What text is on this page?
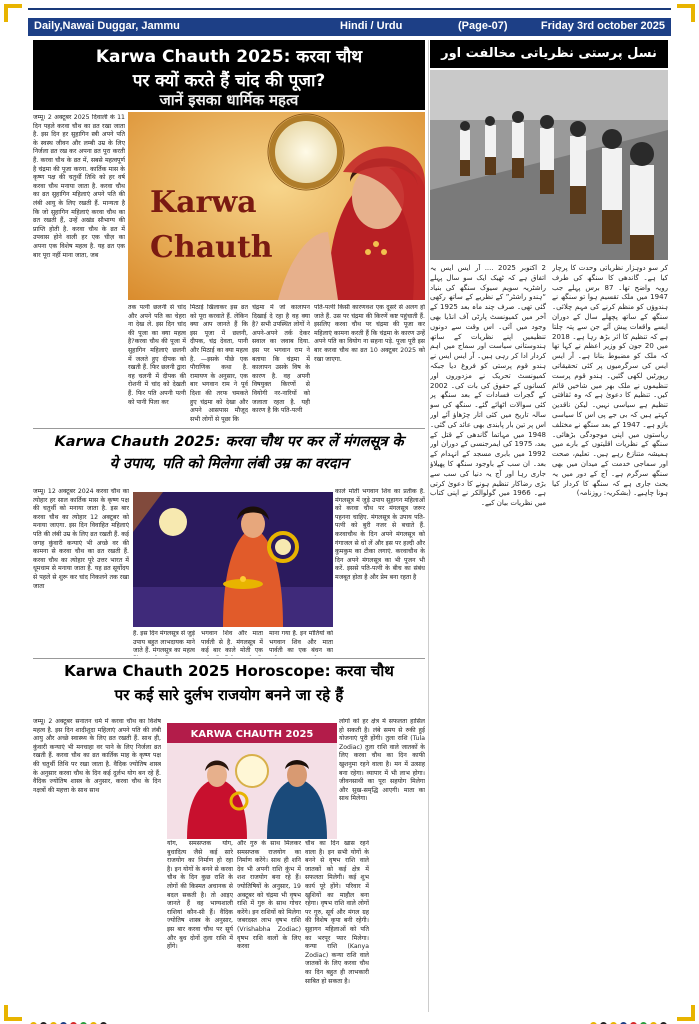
Daily,Nawai Duggar, Jammu	Hindi / Urdu	(Page-07)	Friday 3rd october 2025
Karwa Chauth 2025: करवा चौथ
पर क्यों करते हैं चांद की पूजा?
जानें इसका धार्मिक महत्व
जम्मू। 2 अक्टूबर 2025 दिवाली के 11 दिन पहले करवा चौथ का व्रत रखा जाता है. इस दिन हर सुहागिन स्त्री अपने पति के स्वस्थ जीवन और लम्बी उम्र के लिए निर्जला व्रत रख कर अपना व्रत पूरा करती हैं. करवा चौथ के व्रत में, सबसे महत्वपूर्ण है चंद्रमा की पूजा करना. कार्तिक मास के कृष्ण पक्ष की चतुर्थी तिथि को हर वर्ष करवा चौथ मनाया जाता है. करवा चौथ का व्रत सुहागिन महिलाएं अपने पति की लंबी आयु के लिए रखती हैं. मान्यता है कि जो सुहागिन महिलाएं करवा चौथ का व्रत रखती हैं, उन्हें अखंड सौभाग्य की प्राप्ति होती है. करवा चौथ के व्रत में उपवास होने वाली हर एक चीज़ का अपना एक विशेष महत्व है. यह व्रत एक बार पूरा नहीं माना जाता, जब
Karwa
Chauth
तक पत्नी छलनी से चांद और अपने पति का चेहरा ना देख ले. इस दिन चांद की पूजा का क्या महत्व है?करवा चौथ की पूजा में सुहागिन महिलाएं छलनी में जलते हुए दीपक को रखती हैं. फिर छलनी द्वारा वह चलनी में दीपक की रोशनी में चांद को देखती हैं. फिर पति अपनी पत्नी को पानी पिला कर
मिठाई खिलाकर इस व्रत को पूरा करवाते हैं. लेकिन क्या आप जानते हैं कि इस पूजा में छलनी, दीपक, चंद्र देवता, पानी और मिठाई का क्या महत्व है. —इसके पीछे एक पौराणिक कथा है. रामायण के अनुसार, एक बार भगवान राम ने पूर्व दिशा की तरफ चमकते हुए चंद्रमा को देखा और अपने आसपास मौजूद सभी लोगों से पूछा कि
चंद्रमा में जो कालापन दिखाई दे रहा है वह क्या है? सभी उपस्थित लोगों ने अपने-अपने तर्क देकर सवाल का जवाब दिया. इस पर भगवान राम ने बताया कि चंद्रमा में कालापन उसके विष के कारण है. वह अपनी विषयुक्त किरणों से वियोगी नर-नारियों को जलाता रहता है. यही कारण है कि पति-पत्नी
पति-पत्नी किसी कारणवश एक दूसरे से अलग हो जाते हैं. उस पर चंद्रमा की किरणें कष्ट पहुंचाती हैं. इसलिए करवा चौथ पर चंद्रमा की पूजा कर महिलाएं कामना करती हैं कि चंद्रमा के कारण उन्हें अपने पति का वियोग ना सहना पड़े. पूजा पूरी इस बार करवा चौथ का व्रत 10 अक्टूबर 2025 को रखा जाएगा.
Karwa Chauth 2025: करवा चौथ पर कर लें मंगलसूत्र के
ये उपाय, पति को मिलेगा लंबी उम्र का वरदान
जम्मू। 12 अक्टूबर 2024 करवा चौथ का त्योहार हर साल कार्तिक मास के कृष्ण पक्ष की चतुर्थी को मनाया जाता है. इस बार करवा चौथ का त्योहार 12 अक्टूबर को मनाया जाएगा. इस दिन विवाहित महिलाएं पति की लंबी उम्र के लिए व्रत रखती हैं. कई जगह कुंवारी कन्याएं भी अच्छे वर की कामना से करवा चौथ का व्रत रखती हैं. करवा चौथ का त्योहार पूरे उत्तर भारत में धूमधाम से मनाया जाता है. यह व्रत सूर्योदय से पहले से शुरू कर चांद निकलने तक रखा जाता
काले मोती भगवान शिव का प्रतीक हैं. मंगलसूत्र में जुड़े उपाय सुहागन महिलाओं को करवा चौथ पर मंगलसूत्र जरूर पहनना चाहिए. मंगलसूत्र के उपाय पति-पत्नी को बुरी नजर से बचाते हैं. करवाचौथ के दिन अपने मंगलसूत्र को गंगाजल से धो लें और इस पर हल्दी और कुमकुम का टीका लगाएं. करवाचौथ के दिन अपने मंगलसूत्र का भी पूजन भी करें. इससे पति-पत्नी के बीच का संबंध मजबूत होता है और प्रेम बना रहता है
है. इस दिन मंगलसूत्र से जुड़े उपाय बहुत लाभदायक माने जाते हैं. मंगलसूत्र का महत्व
भगवान शिव और माता पार्वती से है. मंगलसूत्र में कई बार काले मोती एक
माना गया है. इन मोतियों को भगवान शिव और माता पार्वती का एक बंधन का
Karwa Chauth 2025 Horoscope: करवा चौथ
पर कई सारे दुर्लभ राजयोग बनने जा रहे हैं
जम्मू। 2 अक्टूबर सनातन धर्म में करवा चौथ का विशेष महत्व है. इस दिन शादीशुदा महिलाएं अपने पति की लंबी आयु और अच्छे स्वास्थ्य के लिए व्रत रखती हैं. साथ ही, कुंवारी कन्याएं भी मनचाहा वर पाने के लिए निर्जला व्रत रखती हैं. करवा चौथ का व्रत कार्तिक माह के कृष्ण पक्ष की चतुर्थी तिथि पर रखा जाता है. वैदिक ज्योतिष शास्त्र के अनुसार करवा चौथ के दिन कई दुर्लभ योग बन रहे हैं. वैदिक ज्योतिष शास्त्र के अनुसार, करवा चौथ के दिन नक्षत्रों की महत्ता के साथ साथ
KARWA CHAUTH 2025
योग, समसप्तक योग, बुधादित्य जैसे कई सारे राजयोग का निर्माण हो रहा है। इन योगों के बनने से करवा चौथ के दिन कुछ राशि के लोगों की किस्मत अचानक से बदल सकती है। तो आइए जानते हैं वह भाग्यशाली राशियां कौन-सी हैं। वैदिक ज्योतिष शास्त्र के अनुसार, इस बार करवा चौथ पर सूर्य और बुध दोनों तुला राशि में होंगे।
और गुरु के साथ मिलकर समसप्तक राजयोग का निर्माण करेंगे। साथ ही शनि देव भी अपनी राशि कुंभ में शश राजयोग बना रहे हैं। ज्योतिषियों के अनुसार, 19 अक्टूबर को चंद्रमा भी वृषभ राशि में गुरु के साथ गोचर करेंगे। इन राशियों को मिलेगा जबरदस्त लाभ वृषभ राशि (Vrishabha Zodiac) वृषभ राशि वालों के लिए करवा
चौथ का दिन खास रहने वाला है। इन सभी योगों के बनने से वृषभ राशि वाले जातकों को कई क्षेत्र में सफलता मिलेगी। कई शुभ कार्य पूरे होंगे। परिवार में खुशियों का माहौल बना रहेगा। वृषभ राशि वाले लोगों पर गुरु, सूर्य और मंगल ग्रह की विशेष कृपा बनी रहेगी। सुहागन महिलाओं को पति का भरपूर प्यार मिलेगा। कन्या राशि (Kanya Zodiac) कन्या राशि वाले जातकों के लिए करवा चौथ का दिन बहुत ही लाभकारी साबित हो सकता है।
लोगों को हर क्षेत्र में सफलता हासिल हो सकती है। लंबे समय से रुकी हुई योजनाएं पूरी होंगी। तुला राशि (Tula Zodiac) तुला राशि वाले जातकों के लिए करवा चौथ का दिन काफी खुशनुमा रहने वाला है। मन में उत्साह बना रहेगा। व्यापार में भी लाभ होगा। जीवनसाथी का पूरा सहयोग मिलेगा और सुख-समृद्धि आएगी। माता का साथ मिलेगा।
نسل پرستی نظریاتی مخالفت اور
2 اکتوبر 2025 .... آر ایس ایس یہ اتفاق ہے کہ ٹھیک ایک سو سال پہلے راشٹریہ سویم سیوک سنگھ کی بنیاد “ہندو راشٹر” کے نظریے کے ساتھ رکھی گئی تھی۔ صرف چند ماہ بعد 1925 کے آخر میں کمیونسٹ پارٹی آف انڈیا بھی وجود میں آئی۔ اس وقت سے دونوں تنظیمیں اپنے نظریات کے ساتھ ہندوستانی سیاست اور سماج میں اہم کردار ادا کر رہی ہیں۔ آر ایس ایس نے ہندو قوم پرستی کو فروغ دیا جبکہ کمیونسٹ تحریک نے مزدوروں اور کسانوں کے حقوق کی بات کی۔ 2002 کے گجرات فسادات کے بعد سنگھ پر کئی سوالات اٹھائے گئے۔ سنگھ کی سو سالہ تاریخ میں کئی اتار چڑھاؤ آئے اور اس پر تین بار پابندی بھی عائد کی گئی۔ 1948 میں مہاتما گاندھی کے قتل کے بعد، 1975 کی ایمرجنسی کے دوران اور 1992 میں بابری مسجد کے انہدام کے بعد۔ ان سب کے باوجود سنگھ کا پھیلاؤ جاری رہا اور آج یہ دنیا کی سب سے بڑی رضاکار تنظیم ہونے کا دعویٰ کرتی ہے۔ 1966 میں گولوالکر نے اپنی کتاب میں نظریات بیان کیے۔
کر سو دوہزار نظریاتی وحدت کا پرچار کیا ہے۔ گاندھی کا سنگھ کی طرف رویہ واضح تھا۔ 87 برس پہلے جب 1947 میں ملک تقسیم ہوا تو سنگھ نے ہندوؤں کو منظم کرنے کی مہم چلائی۔ سنگھ کے ساتھ پچھلے سال کے دوران ایسے واقعات پیش آئے جن سے پتہ چلتا ہے کہ تنظیم کا اثر بڑھ رہا ہے۔ 2018 میں 20 جون کو وزیر اعظم نے کہا تھا کہ ملک کو مضبوط بنانا ہے۔ آر ایس ایس کی سرگرمیوں پر کئی تحقیقاتی رپورٹیں لکھی گئیں۔ ہندو قوم پرست تنظیموں نے ملک بھر میں شاخیں قائم کیں۔ تنظیم کا دعویٰ ہے کہ وہ ثقافتی تنظیم ہے سیاسی نہیں۔ لیکن ناقدین کہتے ہیں کہ بی جے پی اس کا سیاسی بازو ہے۔ 1947 کے بعد سنگھ نے مختلف ریاستوں میں اپنی موجودگی بڑھائی۔ سنگھ کے نظریات اقلیتوں کے بارے میں ہمیشہ متنازع رہے ہیں۔ تعلیم، صحت اور سماجی خدمت کے میدان میں بھی سنگھ سرگرم ہے۔ آج کے دور میں یہ بحث جاری ہے کہ سنگھ کا کردار کیا ہونا چاہیے۔ (بشکریہ: روزنامہ)
